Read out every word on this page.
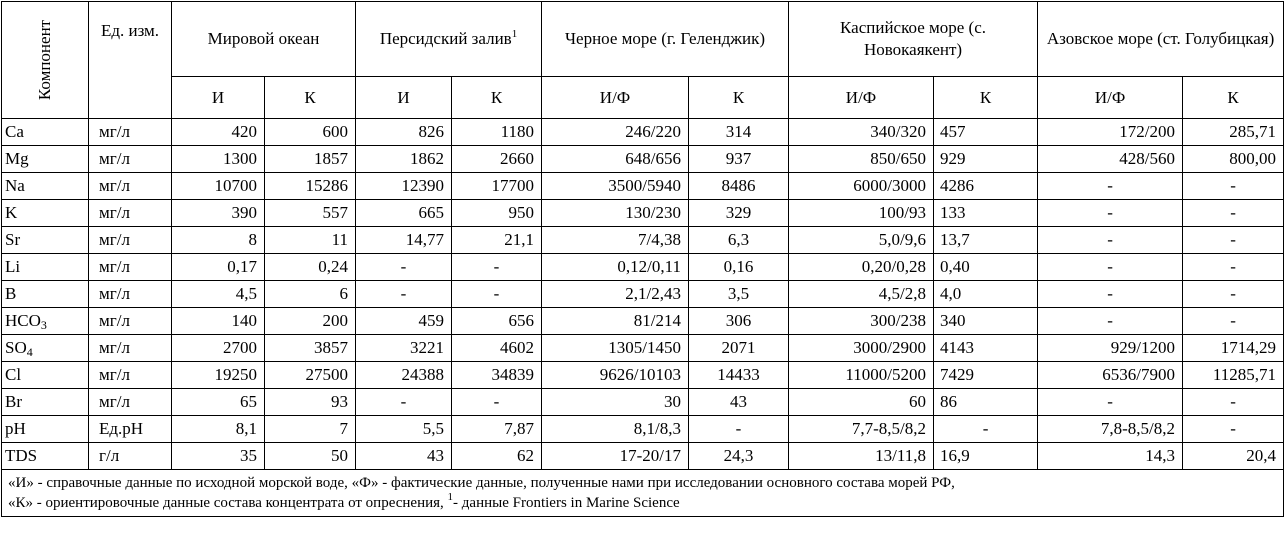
Компонент	Ед. изм.	Мировой океан		Персидский залив$^1$		Черное море (г. Геленджик)		Каспийское море (с. Новокаякент)		Азовское море (ст. Голубицкая)	
		И	К	И	К	И/Ф	К	И/Ф	К	И/Ф	К
Ca	мг/л	420	600	826	1180	246/220	314	340/320	457	172/200	285,71
Mg	мг/л	1300	1857	1862	2660	648/656	937	850/650	929	428/560	800,00
Na	мг/л	10700	15286	12390	17700	3500/5940	8486	6000/3000	4286	-	-
K	мг/л	390	557	665	950	130/230	329	100/93	133	-	-
Sr	мг/л	8	11	14,77	21,1	7/4,38	6,3	5,0/9,6	13,7	-	-
Li	мг/л	0,17	0,24	-	-	0,12/0,11	0,16	0,20/0,28	0,40	-	-
B	мг/л	4,5	6	-	-	2,1/2,43	3,5	4,5/2,8	4,0	-	-
$HCO_3$	мг/л	140	200	459	656	81/214	306	300/238	340	-	-
$SO_4$	мг/л	2700	3857	3221	4602	1305/1450	2071	3000/2900	4143	929/1200	1714,29
Cl	мг/л	19250	27500	24388	34839	9626/10103	14433	11000/5200	7429	6536/7900	11285,71
Br	мг/л	65	93	-	-	30	43	60	86	-	-
pH	Ед.pH	8,1	7	5,5	7,87	8,1/8,3	-	7,7-8,5/8,2	-	7,8-8,5/8,2	-
TDS	г/л	35	50	43	62	17-20/17	24,3	13/11,8	16,9	14,3	20,4

«И» - справочные данные по исходной морской воде, «Ф» - фактические данные, полученные нами при исследовании основного состава морей РФ,
«К» - ориентировочные данные состава концентрата от опреснения, $^1$- данные Frontiers in Marine Science											
